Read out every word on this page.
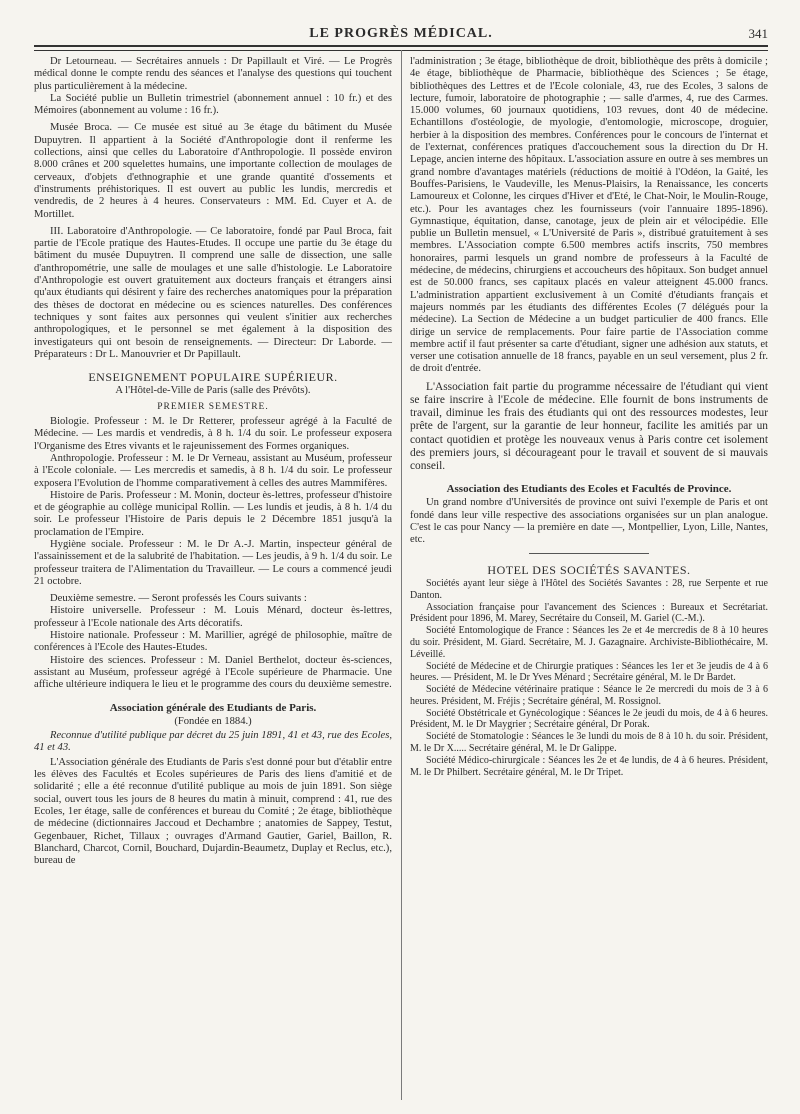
LE PROGRÈS MÉDICAL.	341

Dr Letourneau. — Secrétaires annuels : Dr Papillault et Viré. — Le Progrès médical donne le compte rendu des séances et l'analyse des questions qui touchent plus particulièrement à la médecine.

La Société publie un Bulletin trimestriel (abonnement annuel : 10 fr.) et des Mémoires (abonnement au volume : 16 fr.).

Musée Broca. — Ce musée est situé au 3e étage du bâtiment du Musée Dupuytren. Il appartient à la Société d'Anthropologie dont il renferme les collections, ainsi que celles du Laboratoire d'Anthropologie. Il possède environ 8.000 crânes et 200 squelettes humains, une importante collection de moulages de cerveaux, d'objets d'ethnographie et une grande quantité d'ossements et d'instruments préhistoriques. Il est ouvert au public les lundis, mercredis et vendredis, de 2 heures à 4 heures. Conservateurs : MM. Ed. Cuyer et A. de Mortillet.

III. Laboratoire d'Anthropologie. — Ce laboratoire, fondé par Paul Broca, fait partie de l'Ecole pratique des Hautes-Etudes. Il occupe une partie du 3e étage du bâtiment du musée Dupuytren. Il comprend une salle de dissection, une salle d'anthropométrie, une salle de moulages et une salle d'histologie. Le Laboratoire d'Anthropologie est ouvert gratuitement aux docteurs français et étrangers ainsi qu'aux étudiants qui désirent y faire des recherches anatomiques pour la préparation des thèses de doctorat en médecine ou es sciences naturelles. Des conférences techniques y sont faites aux personnes qui veulent s'initier aux recherches anthropologiques, et le personnel se met également à la disposition des investigateurs qui ont besoin de renseignements. — Directeur: Dr Laborde. — Préparateurs : Dr L. Manouvrier et Dr Papillault.

ENSEIGNEMENT POPULAIRE SUPÉRIEUR.
A l'Hôtel-de-Ville de Paris (salle des Prévôts).
PREMIER SEMESTRE.

Biologie. Professeur : M. le Dr Retterer, professeur agrégé à la Faculté de Médecine. — Les mardis et vendredis, à 8 h. 1/4 du soir. Le professeur exposera l'Organisme des Etres vivants et le rajeunissement des Formes organiques.

Anthropologie. Professeur : M. le Dr Verneau, assistant au Muséum, professeur à l'Ecole coloniale. — Les mercredis et samedis, à 8 h. 1/4 du soir. Le professeur exposera l'Evolution de l'homme comparativement à celles des autres Mammifères.

Histoire de Paris. Professeur : M. Monin, docteur ès-lettres, professeur d'histoire et de géographie au collège municipal Rollin. — Les lundis et jeudis, à 8 h. 1/4 du soir. Le professeur l'Histoire de Paris depuis le 2 Décembre 1851 jusqu'à la proclamation de l'Empire.

Hygiène sociale. Professeur : M. le Dr A.-J. Martin, inspecteur général de l'assainissement et de la salubrité de l'habitation. — Les jeudis, à 9 h. 1/4 du soir. Le professeur traitera de l'Alimentation du Travailleur. — Le cours a commencé jeudi 21 octobre.

Deuxième semestre. — Seront professés les Cours suivants :

Histoire universelle. Professeur : M. Louis Ménard, docteur ès-lettres, professeur à l'Ecole nationale des Arts décoratifs.

Histoire nationale. Professeur : M. Marillier, agrégé de philosophie, maître de conférences à l'Ecole des Hautes-Etudes.

Histoire des sciences. Professeur : M. Daniel Berthelot, docteur ès-sciences, assistant au Muséum, professeur agrégé à l'Ecole supérieure de Pharmacie. Une affiche ultérieure indiquera le lieu et le programme des cours du deuxième semestre.

Association générale des Etudiants de Paris.
(Fondée en 1884.)

Reconnue d'utilité publique par décret du 25 juin 1891, 41 et 43, rue des Ecoles, 41 et 43.

L'Association générale des Etudiants de Paris s'est donné pour but d'établir entre les élèves des Facultés et Ecoles supérieures de Paris des liens d'amitié et de solidarité ; elle a été reconnue d'utilité publique au mois de juin 1891. Son siège social, ouvert tous les jours de 8 heures du matin à minuit, comprend : 41, rue des Ecoles, 1er étage, salle de conférences et bureau du Comité ; 2e étage, bibliothèque de médecine (dictionnaires Jaccoud et Dechambre ; anatomies de Sappey, Testut, Gegenbauer, Richet, Tillaux ; ouvrages d'Armand Gautier, Gariel, Baillon, R. Blanchard, Charcot, Cornil, Bouchard, Dujardin-Beaumetz, Duplay et Reclus, etc.), bureau de

l'administration ; 3e étage, bibliothèque de droit, bibliothèque des prêts à domicile ; 4e étage, bibliothèque de Pharmacie, bibliothèque des Sciences ; 5e étage, bibliothèques des Lettres et de l'Ecole coloniale, 43, rue des Ecoles, 3 salons de lecture, fumoir, laboratoire de photographie ; — salle d'armes, 4, rue des Carmes. 15.000 volumes, 60 journaux quotidiens, 103 revues, dont 40 de médecine. Echantillons d'ostéologie, de myologie, d'entomologie, microscope, droguier, herbier à la disposition des membres. Conférences pour le concours de l'internat et de l'externat, conférences pratiques d'accouchement sous la direction du Dr H. Lepage, ancien interne des hôpitaux. L'association assure en outre à ses membres un grand nombre d'avantages matériels (réductions de moitié à l'Odéon, la Gaité, les Bouffes-Parisiens, le Vaudeville, les Menus-Plaisirs, la Renaissance, les concerts Lamoureux et Colonne, les cirques d'Hiver et d'Eté, le Chat-Noir, le Moulin-Rouge, etc.). Pour les avantages chez les fournisseurs (voir l'annuaire 1895-1896). Gymnastique, équitation, danse, canotage, jeux de plein air et vélocipédie. Elle publie un Bulletin mensuel, « L'Université de Paris », distribué gratuitement à ses membres. L'Association compte 6.500 membres actifs inscrits, 750 membres honoraires, parmi lesquels un grand nombre de professeurs à la Faculté de médecine, de médecins, chirurgiens et accoucheurs des hôpitaux. Son budget annuel est de 50.000 francs, ses capitaux placés en valeur atteignent 45.000 francs. L'administration appartient exclusivement à un Comité d'étudiants français et majeurs nommés par les étudiants des différentes Ecoles (7 délégués pour la médecine). La Section de Médecine a un budget particulier de 400 francs. Elle dirige un service de remplacements. Pour faire partie de l'Association comme membre actif il faut présenter sa carte d'étudiant, signer une adhésion aux statuts, et verser une cotisation annuelle de 18 francs, payable en un seul versement, plus 2 fr. de droit d'entrée.

L'Association fait partie du programme nécessaire de l'étudiant qui vient se faire inscrire à l'Ecole de médecine. Elle fournit de bons instruments de travail, diminue les frais des étudiants qui ont des ressources modestes, leur prête de l'argent, sur la garantie de leur honneur, facilite les amitiés par un contact quotidien et protège les nouveaux venus à Paris contre cet isolement des premiers jours, si décourageant pour le travail et souvent de si mauvais conseil.

Association des Etudiants des Ecoles et Facultés de Province.

Un grand nombre d'Universités de province ont suivi l'exemple de Paris et ont fondé dans leur ville respective des associations organisées sur un plan analogue. C'est le cas pour Nancy — la première en date —, Montpellier, Lyon, Lille, Nantes, etc.

HOTEL DES SOCIÉTÉS SAVANTES.

Sociétés ayant leur siège à l'Hôtel des Sociétés Savantes : 28, rue Serpente et rue Danton.

Association française pour l'avancement des Sciences : Bureaux et Secrétariat. Président pour 1896, M. Marey, Secrétaire du Conseil, M. Gariel (C.-M.).

Société Entomologique de France : Séances les 2e et 4e mercredis de 8 à 10 heures du soir. Président, M. Giard. Secrétaire, M. J. Gazagnaire. Archiviste-Bibliothécaire, M. Léveillé.

Société de Médecine et de Chirurgie pratiques : Séances les 1er et 3e jeudis de 4 à 6 heures. — Président, M. le Dr Yves Ménard ; Secrétaire général, M. le Dr Bardet.

Société de Médecine vétérinaire pratique : Séance le 2e mercredi du mois de 3 à 6 heures. Président, M. Fréjis ; Secrétaire général, M. Rossignol.

Société Obstétricale et Gynécologique : Séances le 2e jeudi du mois, de 4 à 6 heures. Président, M. le Dr Maygrier ; Secrétaire général, Dr Porak.

Société de Stomatologie : Séances le 3e lundi du mois de 8 à 10 h. du soir. Président, M. le Dr X..... Secrétaire général, M. le Dr Galippe.

Société Médico-chirurgicale : Séances les 2e et 4e lundis, de 4 à 6 heures. Président, M. le Dr Philbert. Secrétaire général, M. le Dr Tripet.
